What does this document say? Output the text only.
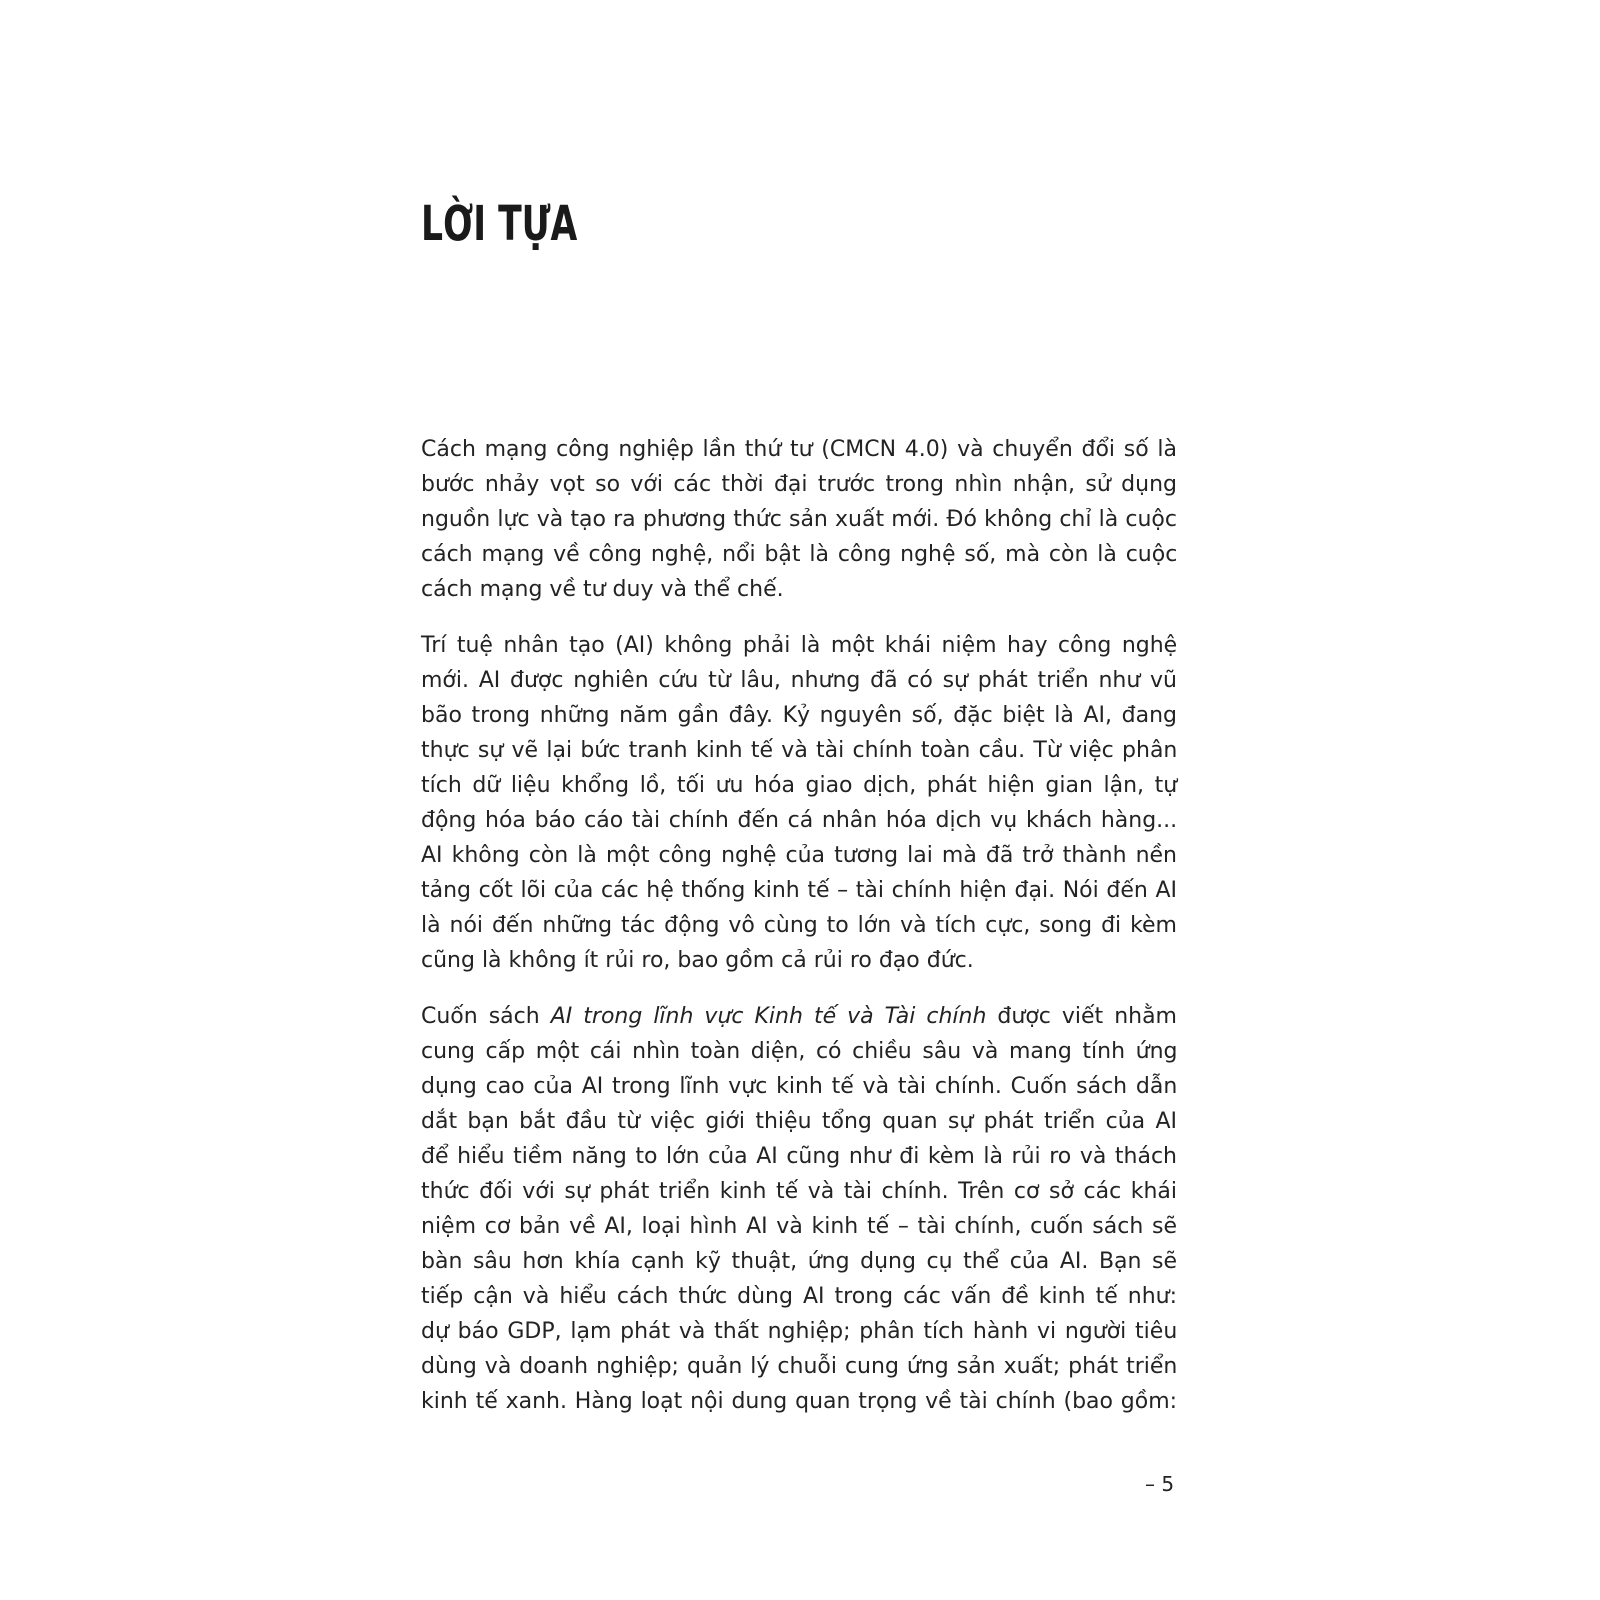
LỜI TỰA

Cách mạng công nghiệp lần thứ tư (CMCN 4.0) và chuyển đổi số là
bước nhảy vọt so với các thời đại trước trong nhìn nhận, sử dụng
nguồn lực và tạo ra phương thức sản xuất mới. Đó không chỉ là cuộc
cách mạng về công nghệ, nổi bật là công nghệ số, mà còn là cuộc
cách mạng về tư duy và thể chế.

Trí tuệ nhân tạo (AI) không phải là một khái niệm hay công nghệ
mới. AI được nghiên cứu từ lâu, nhưng đã có sự phát triển như vũ
bão trong những năm gần đây. Kỷ nguyên số, đặc biệt là AI, đang
thực sự vẽ lại bức tranh kinh tế và tài chính toàn cầu. Từ việc phân
tích dữ liệu khổng lồ, tối ưu hóa giao dịch, phát hiện gian lận, tự
động hóa báo cáo tài chính đến cá nhân hóa dịch vụ khách hàng...
AI không còn là một công nghệ của tương lai mà đã trở thành nền
tảng cốt lõi của các hệ thống kinh tế – tài chính hiện đại. Nói đến AI
là nói đến những tác động vô cùng to lớn và tích cực, song đi kèm
cũng là không ít rủi ro, bao gồm cả rủi ro đạo đức.

Cuốn sách AI trong lĩnh vực Kinh tế và Tài chính được viết nhằm
cung cấp một cái nhìn toàn diện, có chiều sâu và mang tính ứng
dụng cao của AI trong lĩnh vực kinh tế và tài chính. Cuốn sách dẫn
dắt bạn bắt đầu từ việc giới thiệu tổng quan sự phát triển của AI
để hiểu tiềm năng to lớn của AI cũng như đi kèm là rủi ro và thách
thức đối với sự phát triển kinh tế và tài chính. Trên cơ sở các khái
niệm cơ bản về AI, loại hình AI và kinh tế – tài chính, cuốn sách sẽ
bàn sâu hơn khía cạnh kỹ thuật, ứng dụng cụ thể của AI. Bạn sẽ
tiếp cận và hiểu cách thức dùng AI trong các vấn đề kinh tế như:
dự báo GDP, lạm phát và thất nghiệp; phân tích hành vi người tiêu
dùng và doanh nghiệp; quản lý chuỗi cung ứng sản xuất; phát triển
kinh tế xanh. Hàng loạt nội dung quan trọng về tài chính (bao gồm:

– 5
